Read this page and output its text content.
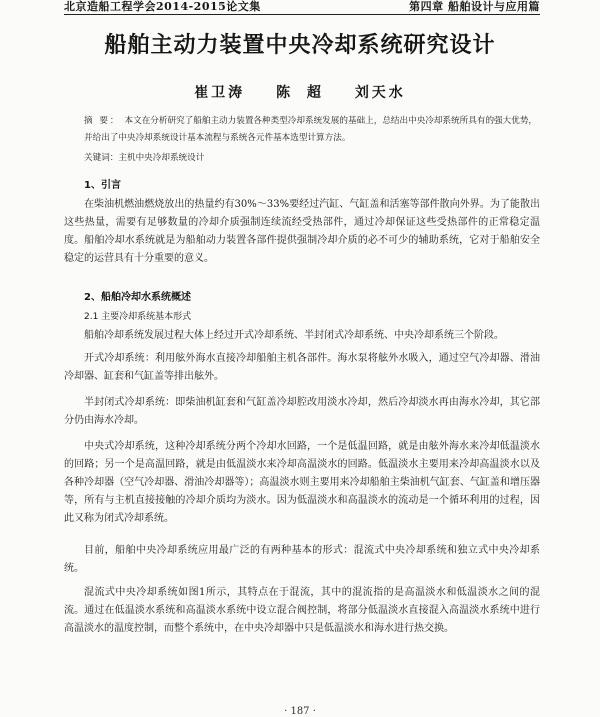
北京造船工程学会2014-2015论文集	第四章 船舶设计与应用篇
船舶主动力装置中央冷却系统研究设计
崔卫涛 陈 超 刘天水
摘 要： 本文在分析研究了船舶主动力装置各种类型冷却系统发展的基础上，总结出中央冷却系统所具有的强大优势，并给出了中央冷却系统设计基本流程与系统各元件基本选型计算方法。
关键词：主机中央冷却系统设计
1、引言
在柴油机燃油燃烧放出的热量约有30%～33%要经过汽缸、气缸盖和活塞等部件散向外界。为了能散出这些热量，需要有足够数量的冷却介质强制连续流经受热部件，通过冷却保证这些受热部件的正常稳定温度。船舶冷却水系统就是为船舶动力装置各部件提供强制冷却介质的必不可少的辅助系统，它对于船舶安全稳定的运营具有十分重要的意义。
2、船舶冷却水系统概述
2.1 主要冷却系统基本形式
船舶冷却系统发展过程大体上经过开式冷却系统、半封闭式冷却系统、中央冷却系统三个阶段。
开式冷却系统：利用舷外海水直接冷却船舶主机各部件。海水泵将舷外水吸入，通过空气冷却器、滑油冷却器、缸套和气缸盖等排出舷外。
半封闭式冷却系统：即柴油机缸套和气缸盖冷却腔改用淡水冷却，然后冷却淡水再由海水冷却，其它部分仍由海水冷却。
中央式冷却系统，这种冷却系统分两个冷却水回路，一个是低温回路，就是由舷外海水来冷却低温淡水的回路；另一个是高温回路，就是由低温淡水来冷却高温淡水的回路。低温淡水主要用来冷却高温淡水以及各种冷却器（空气冷却器、滑油冷却器等）；高温淡水则主要用来冷却船舶主柴油机气缸套、气缸盖和增压器等，所有与主机直接接触的冷却介质均为淡水。因为低温淡水和高温淡水的流动是一个循环利用的过程，因此又称为闭式冷却系统。
目前，船舶中央冷却系统应用最广泛的有两种基本的形式：混流式中央冷却系统和独立式中央冷却系统。
混流式中央冷却系统如图1所示，其特点在于混流，其中的混流指的是高温淡水和低温淡水之间的混流。通过在低温淡水系统和高温淡水系统中设立混合阀控制，将部分低温淡水直接混入高温淡水系统中进行高温淡水的温度控制，而整个系统中，在中央冷却器中只是低温淡水和海水进行热交换。
· 187 ·
